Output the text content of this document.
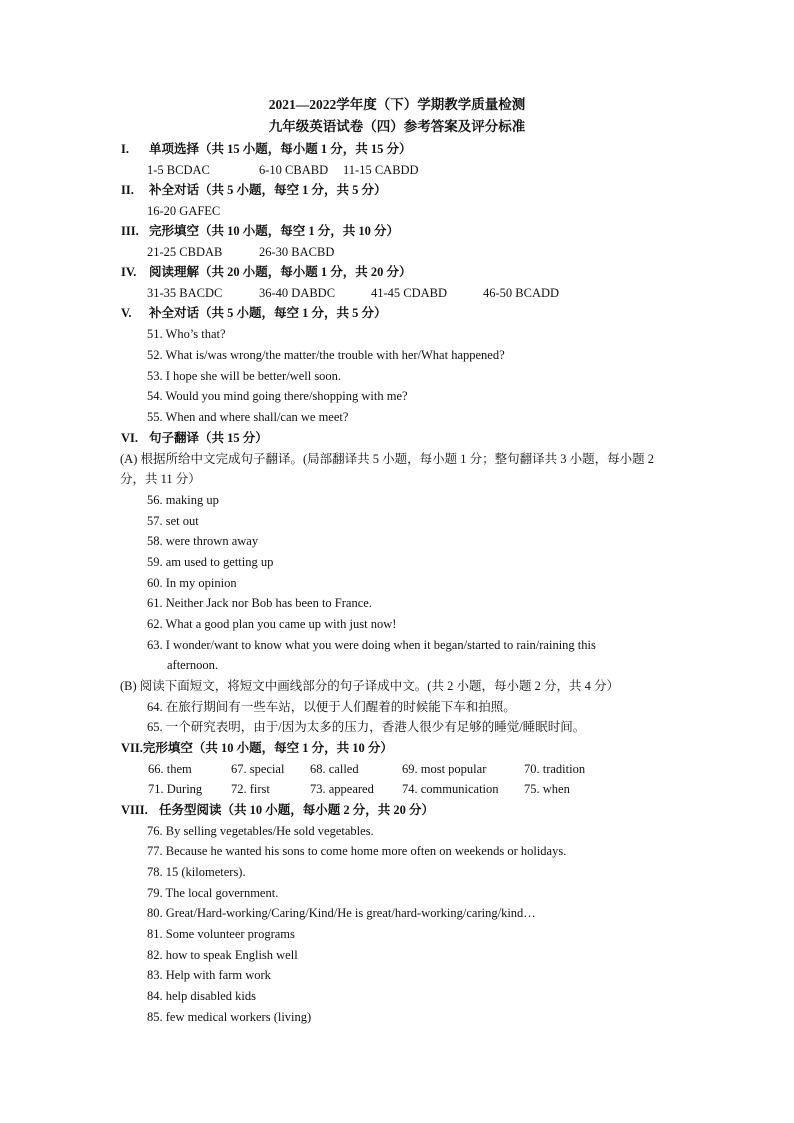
2021—2022学年度（下）学期教学质量检测
九年级英语试卷（四）参考答案及评分标准
I. 单项选择（共 15 小题，每小题 1 分，共 15 分）
1-5 BCDAC	6-10 CBABD 11-15 CABDD
II. 补全对话（共 5 小题，每空 1 分，共 5 分）
16-20 GAFEC
III. 完形填空（共 10 小题，每空 1 分，共 10 分）
21-25 CBDAB	26-30 BACBD
IV. 阅读理解（共 20 小题，每小题 1 分，共 20 分）
31-35 BACDC	36-40 DABDC	41-45 CDABD	46-50 BCADD
V. 补全对话（共 5 小题，每空 1 分，共 5 分）
51. Who’s that?
52. What is/was wrong/the matter/the trouble with her/What happened?
53. I hope she will be better/well soon.
54. Would you mind going there/shopping with me?
55. When and where shall/can we meet?
VI. 句子翻译（共 15 分）
(A) 根据所给中文完成句子翻译。(局部翻译共 5 小题，每小题 1 分；整句翻译共 3 小题，每小题 2
分，共 11 分）
56. making up
57. set out
58. were thrown away
59. am used to getting up
60. In my opinion
61. Neither Jack nor Bob has been to France.
62. What a good plan you came up with just now!
63. I wonder/want to know what you were doing when it began/started to rain/raining this
afternoon.
(B) 阅读下面短文，将短文中画线部分的句子译成中文。(共 2 小题，每小题 2 分，共 4 分）
64. 在旅行期间有一些车站，以便于人们醒着的时候能下车和拍照。
65. 一个研究表明，由于/因为太多的压力，香港人很少有足够的睡觉/睡眠时间。
VII.完形填空（共 10 小题，每空 1 分，共 10 分）
66. them	67. special 68. called	69. most popular	70. tradition
71. During 72. first	73. appeared 74. communication 75. when
VIII. 任务型阅读（共 10 小题，每小题 2 分，共 20 分）
76. By selling vegetables/He sold vegetables.
77. Because he wanted his sons to come home more often on weekends or holidays.
78. 15 (kilometers).
79. The local government.
80. Great/Hard-working/Caring/Kind/He is great/hard-working/caring/kind…
81. Some volunteer programs
82. how to speak English well
83. Help with farm work
84. help disabled kids
85. few medical workers (living)
